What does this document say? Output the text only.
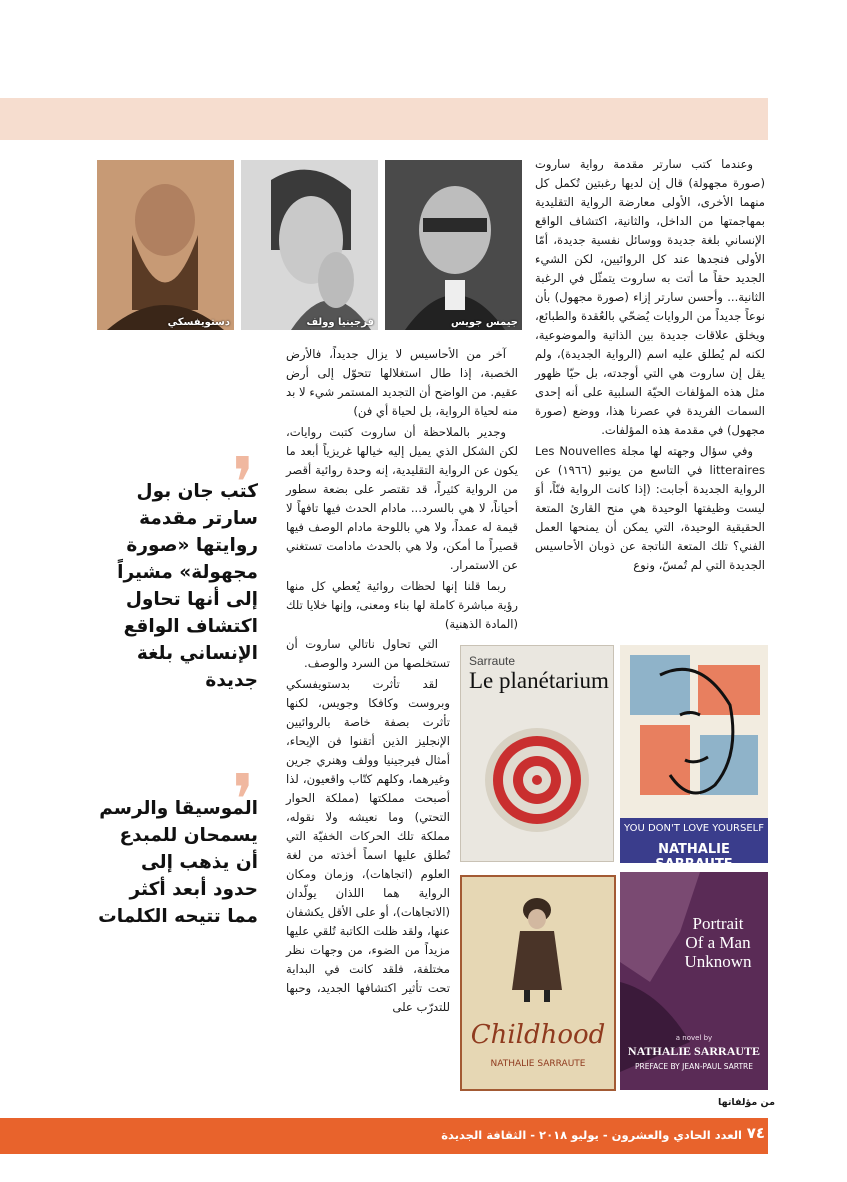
وعندما كتب سارتر مقدمة رواية ساروت (صورة مجهولة) قال إن لديها رغبتين تُكمل كل منهما الأخرى، الأولى معارضة الرواية التقليدية بمهاجمتها من الداخل، والثانية، اكتشاف الواقع الإنساني بلغة جديدة ووسائل نفسية جديدة، أمّا الأولى فنجدها عند كل الروائيين، لكن الشيء الجديد حقاً ما أتت به ساروت يتمثّل في الرغبة الثانية... وأحسن سارتر إزاء (صورة مجهول) بأن نوعاً جديداً من الروايات يُضحّي بالعُقدة والطبائع، ويخلق علاقات جديدة بين الذاتية والموضوعية، لكنه لم يُطلق عليه اسم (الرواية الجديدة)، ولم يقل إن ساروت هي التي أوجدته، بل حيّا ظهور مثل هذه المؤلفات الحيّة السلبية على أنه إحدى السمات الفريدة في عصرنا هذا، ووضع (صورة مجهول) في مقدمة هذه المؤلفات.

وفي سؤال وجهته لها مجلة Les Nouvelles litteraires في التاسع من يونيو (١٩٦٦) عن الرواية الجديدة أجابت: (إذا كانت الرواية فنّاً، أوَ ليست وظيفتها الوحيدة هي منح القارئ المتعة الحقيقية الوحيدة، التي يمكن أن يمنحها العمل الفني؟ تلك المتعة الناتجة عن ذوبان الأحاسيس الجديدة التي لم تُمسّ، ونوع

جيمس جويس
فرجينيا وولف
دستويفسكي

آخر من الأحاسيس لا يزال جديداً، فالأرض الخصبة، إذا طال استغلالها تتحوّل إلى أرض عقيم. من الواضح أن التجديد المستمر شيء لا بد منه لحياة الرواية، بل لحياة أي فن)

وجدير بالملاحظة أن ساروت كتبت روايات، لكن الشكل الذي يميل إليه خيالها غريزياً أبعد ما يكون عن الرواية التقليدية، إنه وحدة روائية أقصر من الرواية كثيراً، قد تقتصر على بضعة سطور أحياناً، لا هي بالسرد... مادام الحدث فيها تافهاً لا قيمة له عمداً، ولا هي باللوحة مادام الوصف فيها قصيراً ما أمكن، ولا هي بالحدث مادامت تستغني عن الاستمرار.

ربما قلنا إنها لحظات روائية يُعطي كل منها رؤية مباشرة كاملة لها بناء ومعنى، وإنها خلايا تلك (المادة الذهنية)

التي تحاول ناتالي ساروت أن تستخلصها من السرد والوصف.

لقد تأثرت بدستويفسكي وبروست وكافكا وجويس، لكنها تأثرت بصفة خاصة بالروائيين الإنجليز الذين أتقنوا فن الإيحاء، أمثال فيرجينيا وولف وهنري جرين وغيرهما، وكلهم كتّاب واقعيون، لذا أصبحت مملكتها (مملكة الحوار التحتي) وما نعيشه ولا نقوله، مملكة تلك الحركات الخفيّة التي تُطلق عليها اسماً أخذته من لغة العلوم (اتجاهات)، وزمان ومكان الرواية هما اللذان يولّدان (الاتجاهات)، أو على الأقل يكشفان عنها، ولقد ظلت الكاتبة تُلقي عليها مزيداً من الضوء، من وجهات نظر مختلفة، فلقد كانت في البداية تحت تأثير اكتشافها الجديد، وحبها للتدرّب على

❜
كتب جان بول سارتر مقدمة روايتها «صورة مجهولة» مشيراً إلى أنها تحاول اكتشاف الواقع الإنساني بلغة جديدة
❜
الموسيقا والرسم يسمحان للمبدع أن يذهب إلى حدود أبعد أكثر مما تتيحه الكلمات
Sarraute
Le planétarium
YOU DON'T LOVE YOURSELF
NATHALIE SARRAUTE
Childhood
NATHALIE SARRAUTE
Portrait
Of a Man
Unknown
a novel by
NATHALIE SARRAUTE
PREFACE BY JEAN-PAUL SARTRE
من مؤلفاتها
العدد الحادي والعشرون - يوليو ٢٠١٨ - الثقافة الجديدة ٧٤
